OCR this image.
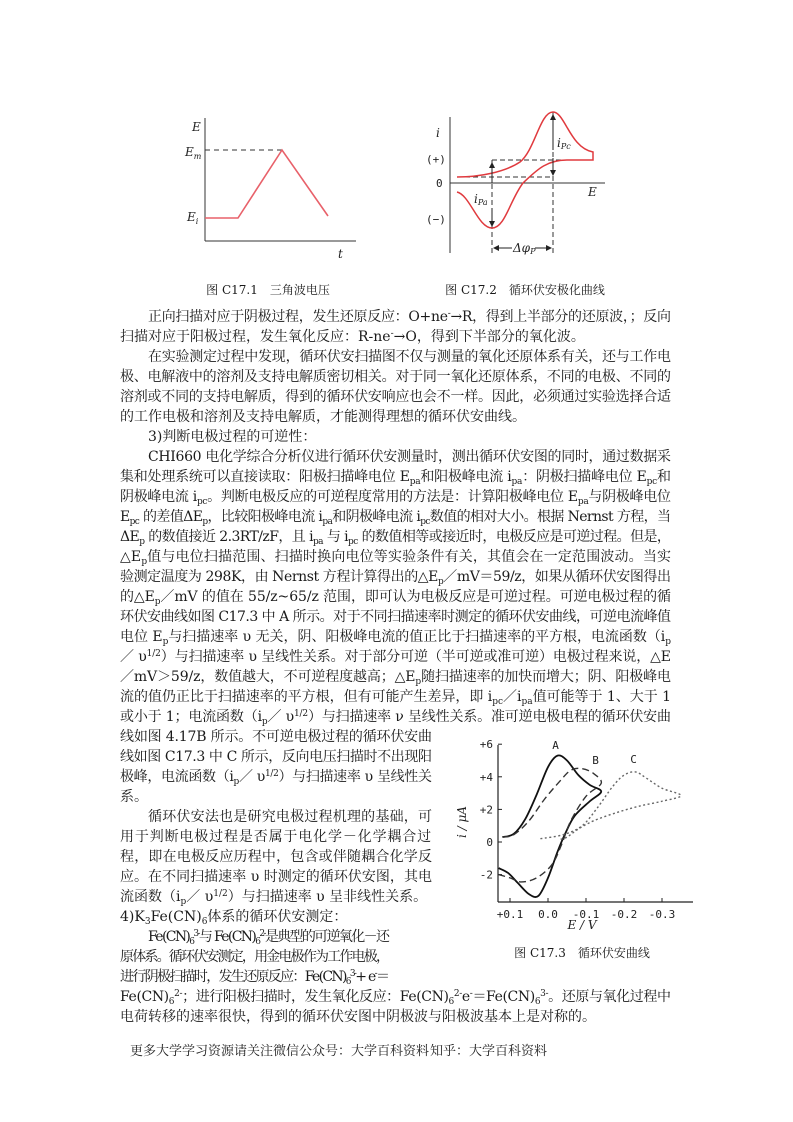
E
$E_m$
$E_i$
t
图 C17.1　三角波电压
i
(+)
0
(−)
E
iPc
iPa
ΔφP
图 C17.2　循环伏安极化曲线
正向扫描对应于阴极过程，发生还原反应：O+ne-→R，得到上半部分的还原波，；反向
扫描对应于阳极过程，发生氧化反应：R-ne-→O，得到下半部分的氧化波。
在实验测定过程中发现，循环伏安扫描图不仅与测量的氧化还原体系有关，还与工作电
极、电解液中的溶剂及支持电解质密切相关。对于同一氧化还原体系，不同的电极、不同的
溶剂或不同的支持电解质，得到的循环伏安响应也会不一样。因此，必须通过实验选择合适
的工作电极和溶剂及支持电解质，才能测得理想的循环伏安曲线。
3)判断电极过程的可逆性：
CHI660 电化学综合分析仪进行循环伏安测量时，测出循环伏安图的同时，通过数据采
集和处理系统可以直接读取：阳极扫描峰电位 $E_{pa}$和阳极峰电流 $i_{pa}$：阴极扫描峰电位 $E_{pc}$和
阴极峰电流 $i_{pc}$。判断电极反应的可逆程度常用的方法是：计算阳极峰电位 $E_{pa}$与阴极峰电位
$E_{pc}$ 的差值$\Delta E_p$，比较阳极峰电流 $i_{pa}$和阴极峰电流 $i_{pc}$数值的相对大小。根据 Nernst 方程，当
$\Delta E_p$ 的数值接近 2.3RT/zF，且 $i_{pa}$ 与 $i_{pc}$ 的数值相等或接近时，电极反应是可逆过程。但是，
$\triangle E_p$值与电位扫描范围、扫描时换向电位等实验条件有关，其值会在一定范围波动。当实
验测定温度为 298K，由 Nernst 方程计算得出的$\triangle E_p/mV=59/z$，如果从循环伏安图得出
的$\triangle E_p/mV$ 的值在 55/z~65/z 范围，即可认为电极反应是可逆过程。可逆电极过程的循
环伏安曲线如图 C17.3 中 A 所示。对于不同扫描速率时测定的循环伏安曲线，可逆电流峰值
电位 $E_p$与扫描速率 υ 无关，阴、阳极峰电流的值正比于扫描速率的平方根，电流函数（$i_p$
／ $\upsilon^{1/2}$）与扫描速率 υ 呈线性关系。对于部分可逆（半可逆或准可逆）电极过程来说，△E
／mV＞59/z，数值越大，不可逆程度越高；$\triangle E_p$随扫描速率的加快而增大；阴、阳极峰电
流的值仍正比于扫描速率的平方根，但有可能产生差异，即 $i_{pc}/i_{pa}$值可能等于 1、大于 1
或小于 1；电流函数（$i_p/$ $\upsilon^{1/2}$）与扫描速率 ν 呈线性关系。准可逆电极电程的循环伏安曲
线如图 4.17B 所示。不可逆电极过程的循环伏安曲
线如图 C17.3 中 C 所示，反向电压扫描时不出现阳
极峰，电流函数（$i_p/$ $\upsilon^{1/2}$）与扫描速率 υ 呈线性关
系。
循环伏安法也是研究电极过程机理的基础，可
用于判断电极过程是否属于电化学－化学耦合过
程，即在电极反应历程中，包含或伴随耦合化学反
应。在不同扫描速率 υ 时测定的循环伏安图，其电
流函数（$i_p/$ $\upsilon^{1/2}$）与扫描速率 υ 呈非线性关系。
$4)K_3Fe(CN)_6$体系的循环伏安测定：
$Fe(CN)_6^{3-}$与 $Fe(CN)_6^{2-}$是典型的可逆氧化－还
原体系。循环伏安测定，用金电极作为工作电极，
进行阴极扫描时，发生还原反应：$Fe(CN)_6^{3-}+ e^-=$
$Fe(CN)_6^{2-}$；进行阳极扫描时，发生氧化反应：$Fe(CN)_6^{2-}e^-=Fe(CN)_6^{3-}$。还原与氧化过程中
电荷转移的速率很快，得到的循环伏安图中阴极波与阳极波基本上是对称的。
+6
+4
+2
0
-2
+0.1 0.0 -0.1 -0.2 -0.3
E / V
i / μA
A
B	C
图 C17.3　循环伏安曲线
更多大学学习资源请关注微信公众号：大学百科资料 知乎：大学百科资料
